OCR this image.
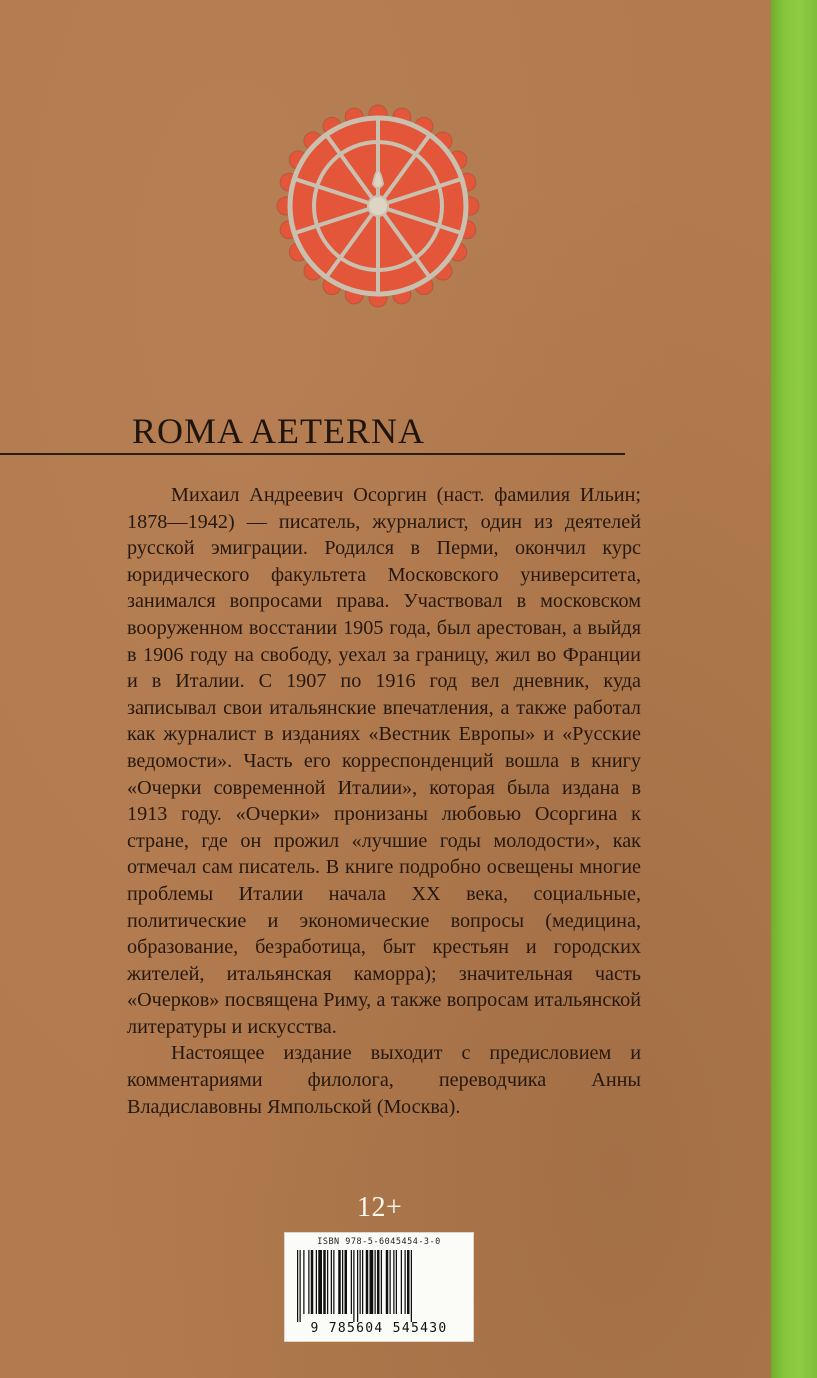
ROMA AETERNA

Михаил Андреевич Осоргин (наст. фамилия Ильин; 1878—1942) — писатель, журналист, один из деятелей русской эмиграции. Родился в Перми, окончил курс юридического факультета Московского университета, занимался вопросами права. Участвовал в московском вооруженном восстании 1905 года, был арестован, а выйдя в 1906 году на свободу, уехал за границу, жил во Франции и в Италии. С 1907 по 1916 год вел дневник, куда записывал свои итальянские впечатления, а также работал как журналист в изданиях «Вестник Европы» и «Русские ведомости». Часть его корреспонденций вошла в книгу «Очерки современной Италии», которая была издана в 1913 году. «Очерки» пронизаны любовью Осоргина к стране, где он прожил «лучшие годы молодости», как отмечал сам писатель. В книге подробно освещены многие проблемы Италии начала XX века, социальные, политические и экономические вопросы (медицина, образование, безработица, быт крестьян и городских жителей, итальянская каморра); значительная часть «Очерков» посвящена Риму, а также вопросам итальянской литературы и искусства.

Настоящее издание выходит с предисловием и комментариями филолога, переводчика Анны Владиславовны Ямпольской (Москва).

12+
ISBN 978-5-6045454-3-0
9 785604 545430
